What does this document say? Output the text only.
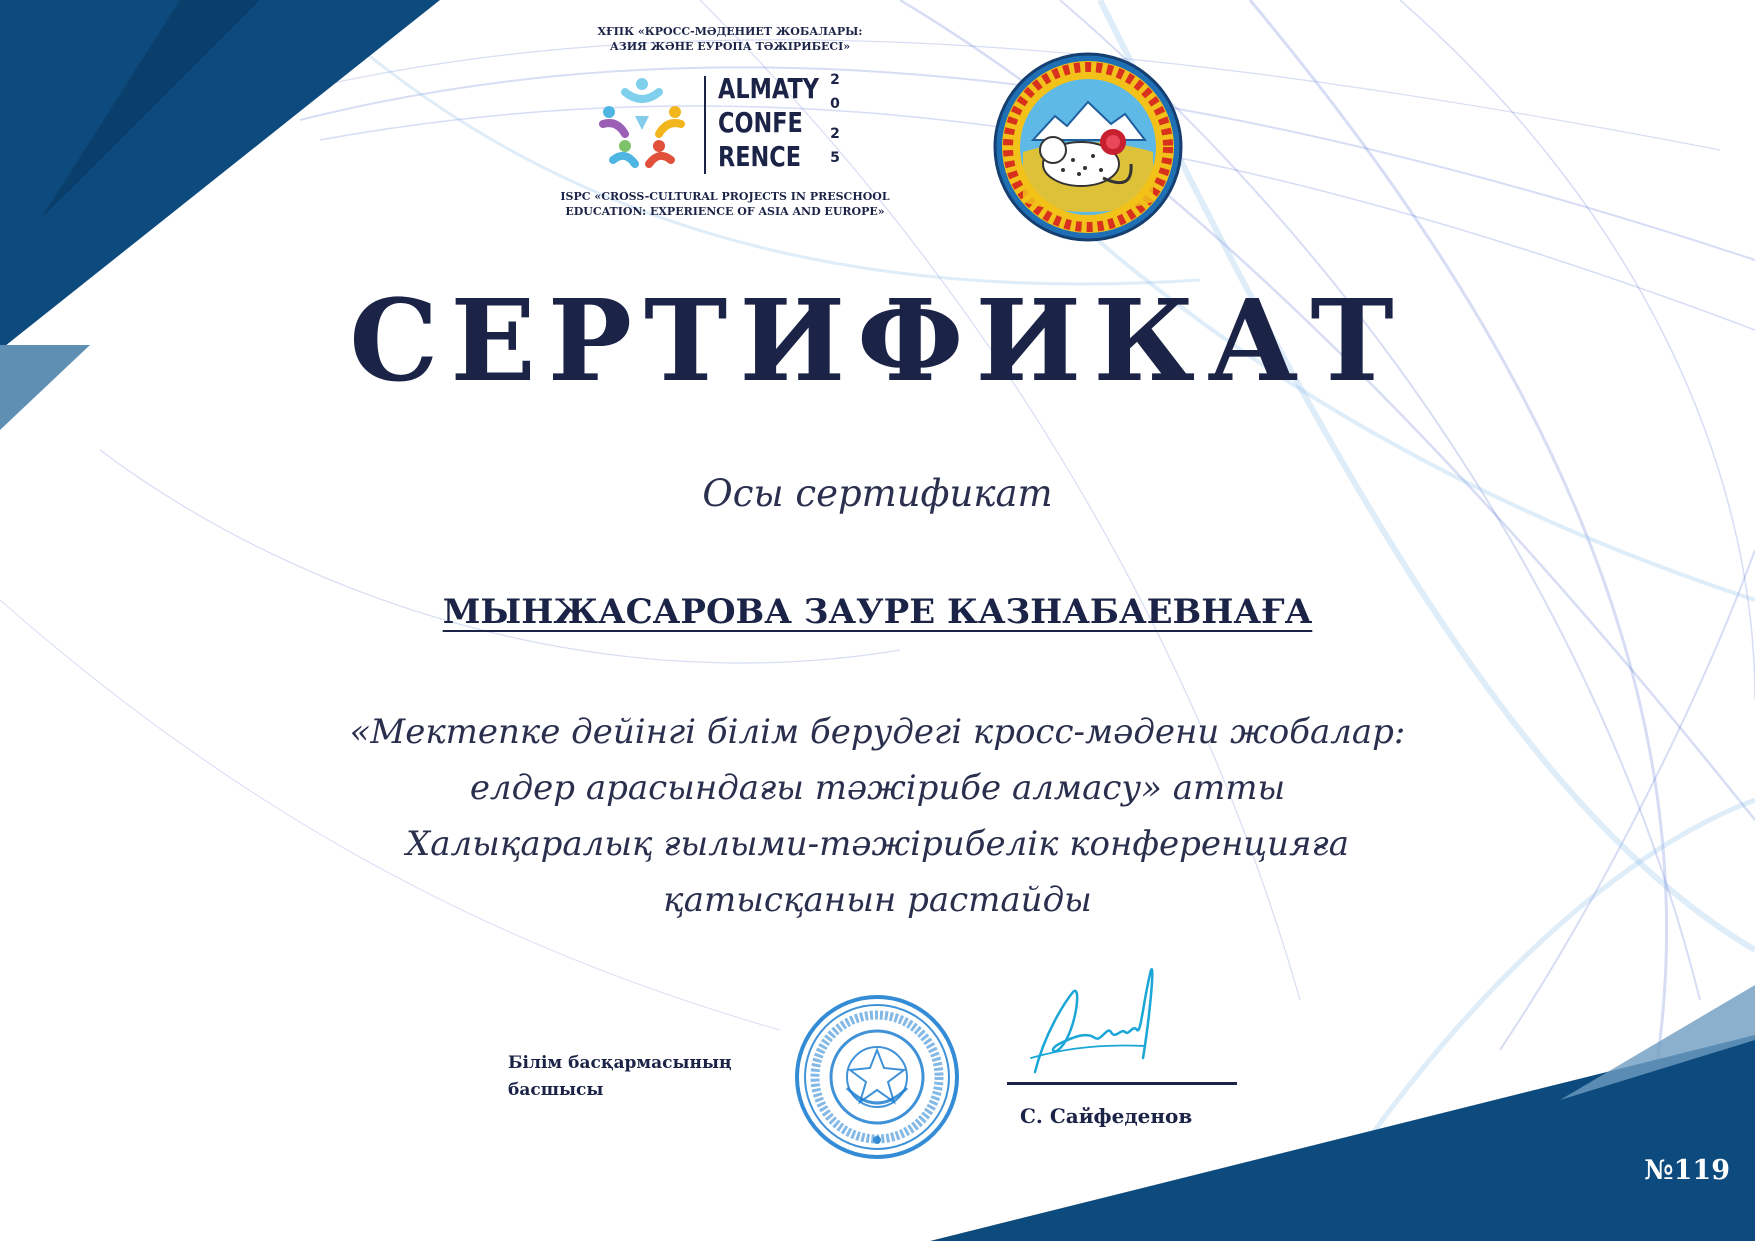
ХҒПК «КРОСС-МӘДЕНИЕТ ЖОБАЛАРЫ:
АЗИЯ ЖӘНЕ ЕУРОПА ТӘЖІРИБЕСІ»
ALMATY
CONFE
RENCE
2
0
2
5
ISPC «CROSS-CULTURAL PROJECTS IN PRESCHOOL
EDUCATION: EXPERIENCE OF ASIA AND EUROPE»
СЕРТИФИКАТ
Осы сертификат
МЫНЖАСАРОВА ЗАУРЕ КАЗНАБАЕВНАҒА
«Мектепке дейінгі білім берудегі кросс-мәдени жобалар:
елдер арасындағы тәжірибе алмасу» атты
Халықаралық ғылыми-тәжірибелік конференцияға
қатысқанын растайды
Білім басқармасының
басшысы
С. Сайфеденов
№119
